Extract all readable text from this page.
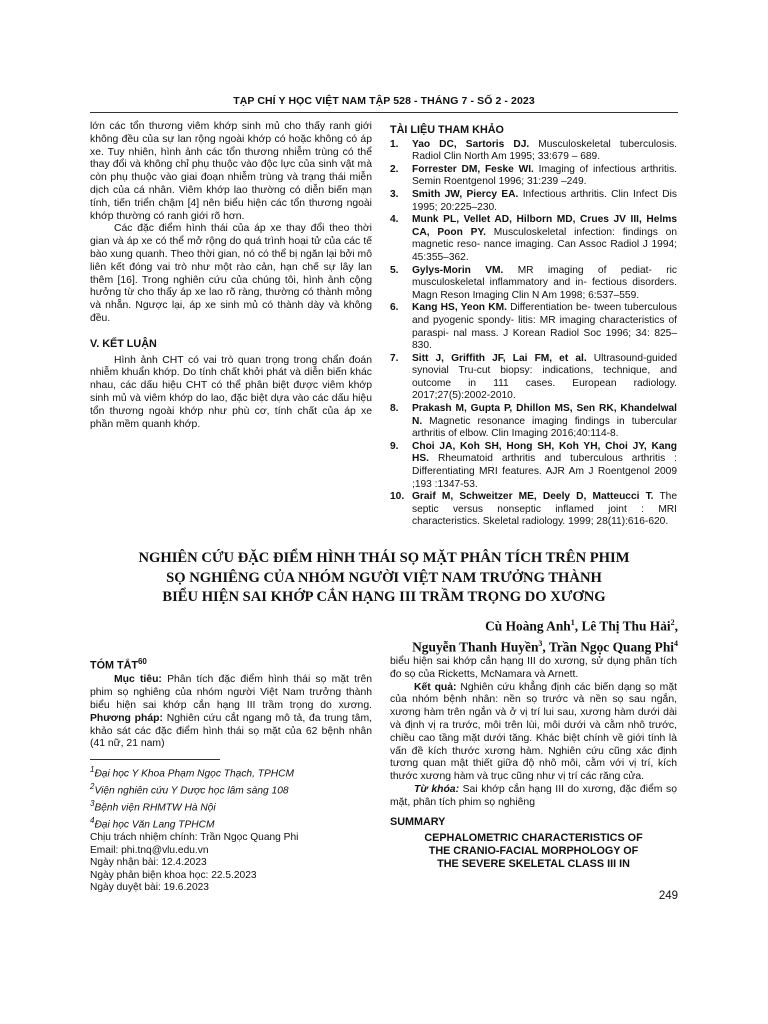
TẠP CHÍ Y HỌC VIỆT NAM TẬP 528 - THÁNG 7 - SỐ 2 - 2023

lớn các tổn thương viêm khớp sinh mủ cho thấy ranh giới không đều của sự lan rộng ngoài khớp có hoặc không có áp xe. Tuy nhiên, hình ảnh các tổn thương nhiễm trùng có thể thay đổi và không chỉ phụ thuộc vào độc lực của sinh vật mà còn phụ thuộc vào giai đoạn nhiễm trùng và trạng thái miễn dịch của cá nhân. Viêm khớp lao thường có diễn biến mạn tính, tiến triển chậm [4] nên biểu hiện các tổn thương ngoài khớp thường có ranh giới rõ hơn.

Các đặc điểm hình thái của áp xe thay đổi theo thời gian và áp xe có thể mở rộng do quá trình hoại tử của các tế bào xung quanh. Theo thời gian, nó có thể bị ngăn lại bởi mô liên kết đóng vai trò như một rào cản, hạn chế sự lây lan thêm [16]. Trong nghiên cứu của chúng tôi, hình ảnh cộng hưởng từ cho thấy áp xe lao rõ ràng, thường có thành mỏng và nhẵn. Ngược lại, áp xe sinh mủ có thành dày và không đều.

V. KẾT LUẬN

Hình ảnh CHT có vai trò quan trọng trong chẩn đoán nhiễm khuẩn khớp. Do tính chất khởi phát và diễn biến khác nhau, các dấu hiệu CHT có thể phân biệt được viêm khớp sinh mủ và viêm khớp do lao, đặc biệt dựa vào các dấu hiệu tổn thương ngoài khớp như phù cơ, tính chất của áp xe phần mềm quanh khớp.

TÀI LIỆU THAM KHẢO
1. Yao DC, Sartoris DJ. Musculoskeletal tuberculosis. Radiol Clin North Am 1995; 33:679 – 689.
2. Forrester DM, Feske WI. Imaging of infectious arthritis. Semin Roentgenol 1996; 31:239 –249.
3. Smith JW, Piercy EA. Infectious arthritis. Clin Infect Dis 1995; 20:225–230.
4. Munk PL, Vellet AD, Hilborn MD, Crues JV III, Helms CA, Poon PY. Musculoskeletal infection: findings on magnetic reso- nance imaging. Can Assoc Radiol J 1994; 45:355–362.
5. Gylys-Morin VM. MR imaging of pediat- ric musculoskeletal inflammatory and in- fectious disorders. Magn Reson Imaging Clin N Am 1998; 6:537–559.
6. Kang HS, Yeon KM. Differentiation be- tween tuberculous and pyogenic spondy- litis: MR imaging characteristics of paraspi- nal mass. J Korean Radiol Soc 1996; 34: 825– 830.
7. Sitt J, Griffith JF, Lai FM, et al. Ultrasound-guided synovial Tru-cut biopsy: indications, technique, and outcome in 111 cases. European radiology. 2017;27(5):2002-2010.
8. Prakash M, Gupta P, Dhillon MS, Sen RK, Khandelwal N. Magnetic resonance imaging findings in tubercular arthritis of elbow. Clin Imaging 2016;40:114-8.
9. Choi JA, Koh SH, Hong SH, Koh YH, Choi JY, Kang HS. Rheumatoid arthritis and tuberculous arthritis : Differentiating MRI features. AJR Am J Roentgenol 2009 ;193 :1347-53.
10. Graif M, Schweitzer ME, Deely D, Matteucci T. The septic versus nonseptic inflamed joint : MRI characteristics. Skeletal radiology. 1999; 28(11):616-620.
NGHIÊN CỨU ĐẶC ĐIỂM HÌNH THÁI SỌ MẶT PHÂN TÍCH TRÊN PHIM
SỌ NGHIÊNG CỦA NHÓM NGƯỜI VIỆT NAM TRƯỞNG THÀNH
BIỂU HIỆN SAI KHỚP CẮN HẠNG III TRẦM TRỌNG DO XƯƠNG
Cù Hoàng Anh$^1$, Lê Thị Thu Hải$^2$,
Nguyễn Thanh Huyền$^3$, Trần Ngọc Quang Phi$^4$
TÓM TẮT$^{60}$

Mục tiêu: Phân tích đặc điểm hình thái sọ mặt trên phim sọ nghiêng của nhóm người Việt Nam trưởng thành biểu hiện sai khớp cắn hạng III trầm trọng do xương. Phương pháp: Nghiên cứu cắt ngang mô tả, đa trung tâm, khảo sát các đặc điểm hình thái sọ mặt của 62 bệnh nhân (41 nữ, 21 nam)

$^1$Đại học Y Khoa Phạm Ngọc Thạch, TPHCM
$^2$Viện nghiên cứu Y Dược học lâm sàng 108
$^3$Bệnh viện RHMTW Hà Nội
$^4$Đại học Văn Lang TPHCM
Chịu trách nhiệm chính: Trần Ngọc Quang Phi
Email: phi.tnq@vlu.edu.vn
Ngày nhận bài: 12.4.2023
Ngày phản biện khoa học: 22.5.2023
Ngày duyệt bài: 19.6.2023

biểu hiện sai khớp cắn hạng III do xương, sử dụng phân tích đo sọ của Ricketts, McNamara và Arnett.

Kết quả: Nghiên cứu khẳng định các biến dạng sọ mặt của nhóm bệnh nhân: nền sọ trước và nền sọ sau ngắn, xương hàm trên ngắn và ở vị trí lui sau, xương hàm dưới dài và định vị ra trước, môi trên lùi, môi dưới và cằm nhô trước, chiều cao tầng mặt dưới tăng. Khác biệt chính về giới tính là vấn đề kích thước xương hàm. Nghiên cứu cũng xác định tương quan mật thiết giữa độ nhô môi, cằm với vị trí, kích thước xương hàm và trục cũng như vị trí các răng cửa.

Từ khóa: Sai khớp cắn hạng III do xương, đặc điểm sọ mặt, phân tích phim sọ nghiêng

SUMMARY
CEPHALOMETRIC CHARACTERISTICS OF
THE CRANIO-FACIAL MORPHOLOGY OF
THE SEVERE SKELETAL CLASS III IN
249
